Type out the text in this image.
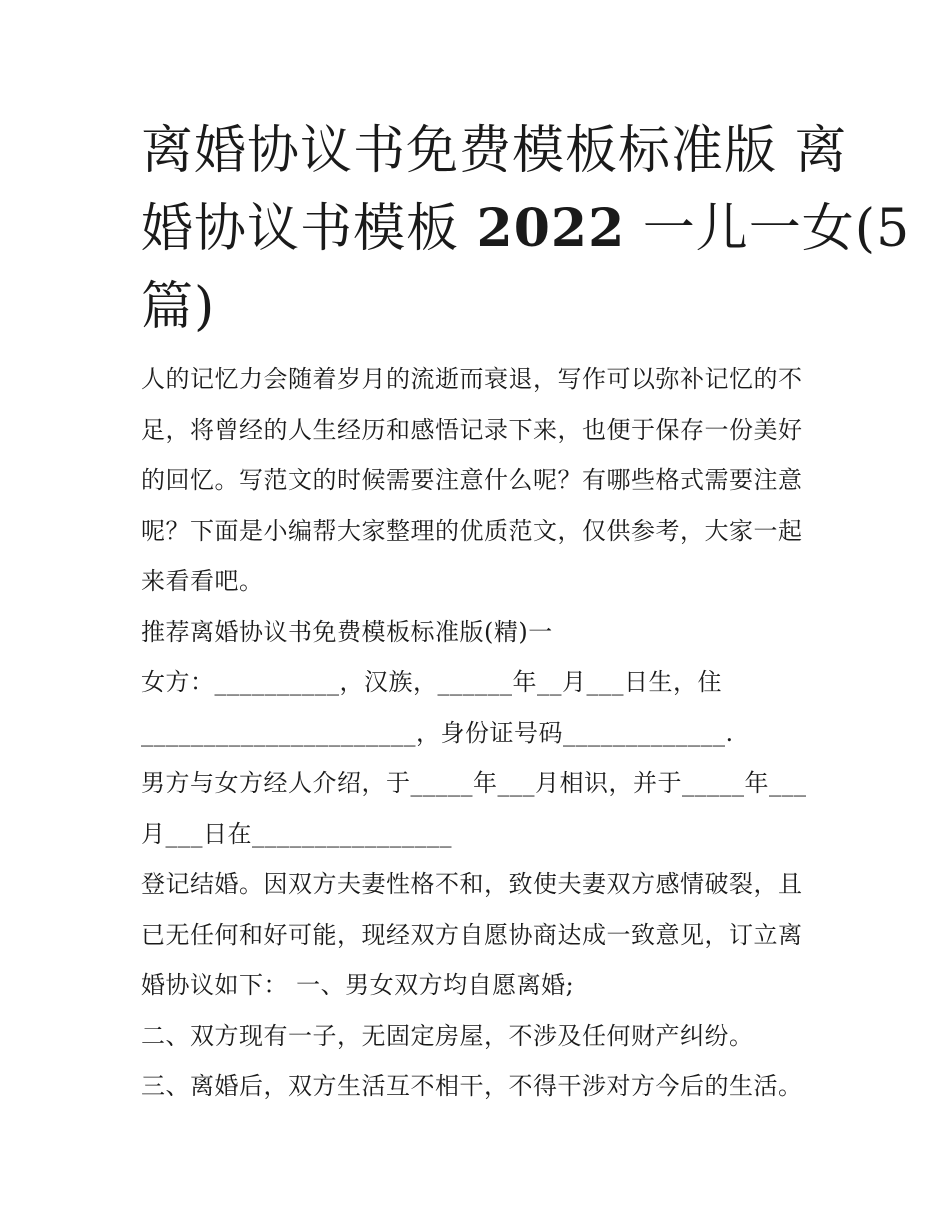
离婚协议书免费模板标准版 离
婚协议书模板 2022 一儿一女(5
篇)
人的记忆力会随着岁月的流逝而衰退，写作可以弥补记忆的不
足，将曾经的人生经历和感悟记录下来，也便于保存一份美好
的回忆。写范文的时候需要注意什么呢？有哪些格式需要注意
呢？下面是小编帮大家整理的优质范文，仅供参考，大家一起
来看看吧。
推荐离婚协议书免费模板标准版(精)一
女方：__________，汉族，______年__月___日生，住
______________________，身份证号码_____________.
男方与女方经人介绍，于_____年___月相识，并于_____年___
月___日在________________
登记结婚。因双方夫妻性格不和，致使夫妻双方感情破裂，且
已无任何和好可能，现经双方自愿协商达成一致意见，订立离
婚协议如下： 一、男女双方均自愿离婚;
二、双方现有一子，无固定房屋，不涉及任何财产纠纷。
三、离婚后，双方生活互不相干，不得干涉对方今后的生活。
